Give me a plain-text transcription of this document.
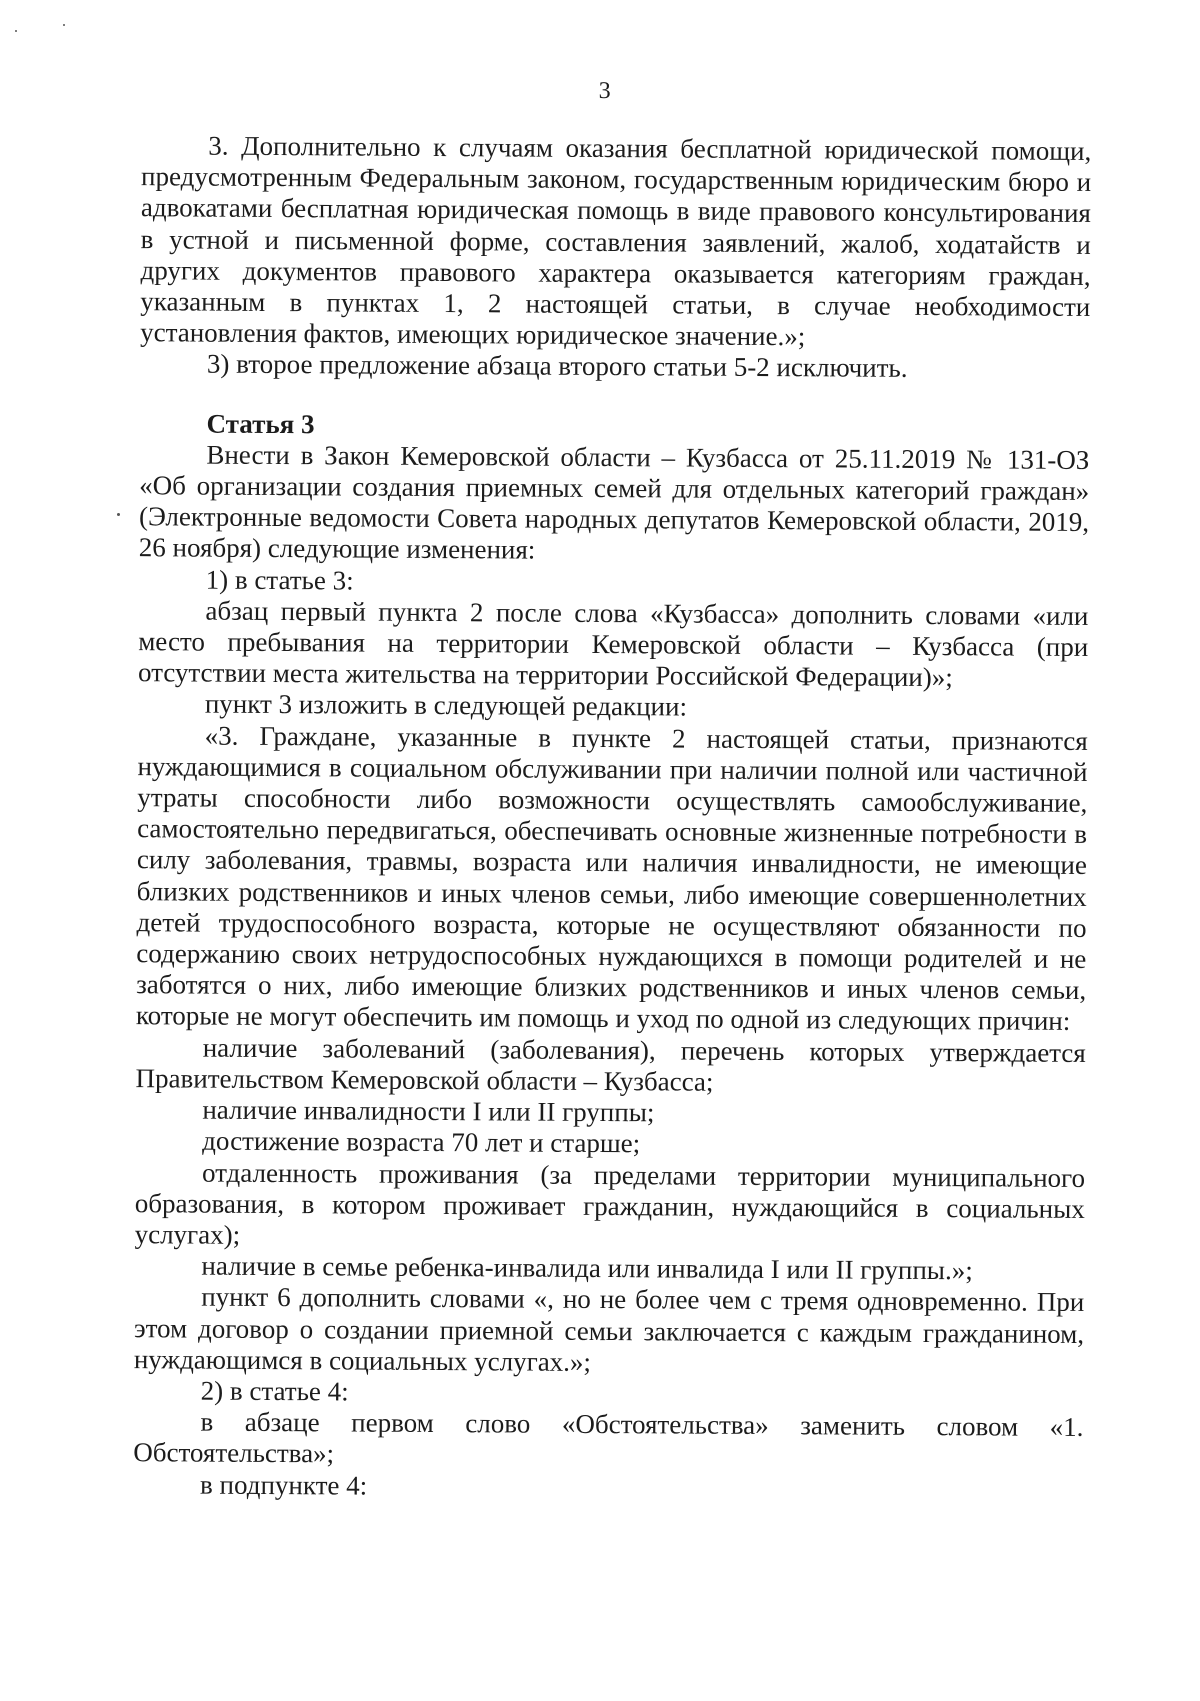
3

3. Дополнительно к случаям оказания бесплатной юридической помощи, предусмотренным Федеральным законом, государственным юридическим бюро и адвокатами бесплатная юридическая помощь в виде правового консультирования в устной и письменной форме, составления заявлений, жалоб, ходатайств и других документов правового характера оказывается категориям граждан, указанным в пунктах 1, 2 настоящей статьи, в случае необходимости установления фактов, имеющих юридическое значение.»;

3) второе предложение абзаца второго статьи 5-2 исключить.

Статья 3

Внести в Закон Кемеровской области – Кузбасса от 25.11.2019 № 131-ОЗ «Об организации создания приемных семей для отдельных категорий граждан» (Электронные ведомости Совета народных депутатов Кемеровской области, 2019, 26 ноября) следующие изменения:

1) в статье 3:

абзац первый пункта 2 после слова «Кузбасса» дополнить словами «или место пребывания на территории Кемеровской области – Кузбасса (при отсутствии места жительства на территории Российской Федерации)»;

пункт 3 изложить в следующей редакции:

«3. Граждане, указанные в пункте 2 настоящей статьи, признаются нуждающимися в социальном обслуживании при наличии полной или частичной утраты способности либо возможности осуществлять самообслуживание, самостоятельно передвигаться, обеспечивать основные жизненные потребности в силу заболевания, травмы, возраста или наличия инвалидности, не имеющие близких родственников и иных членов семьи, либо имеющие совершеннолетних детей трудоспособного возраста, которые не осуществляют обязанности по содержанию своих нетрудоспособных нуждающихся в помощи родителей и не заботятся о них, либо имеющие близких родственников и иных членов семьи, которые не могут обеспечить им помощь и уход по одной из следующих причин:

наличие заболеваний (заболевания), перечень которых утверждается Правительством Кемеровской области – Кузбасса;

наличие инвалидности I или II группы;

достижение возраста 70 лет и старше;

отдаленность проживания (за пределами территории муниципального образования, в котором проживает гражданин, нуждающийся в социальных услугах);

наличие в семье ребенка-инвалида или инвалида I или II группы.»;

пункт 6 дополнить словами «, но не более чем с тремя одновременно. При этом договор о создании приемной семьи заключается с каждым гражданином, нуждающимся в социальных услугах.»;

2) в статье 4:

в абзаце первом слово «Обстоятельства» заменить словом «1. Обстоятельства»;

в подпункте 4:
